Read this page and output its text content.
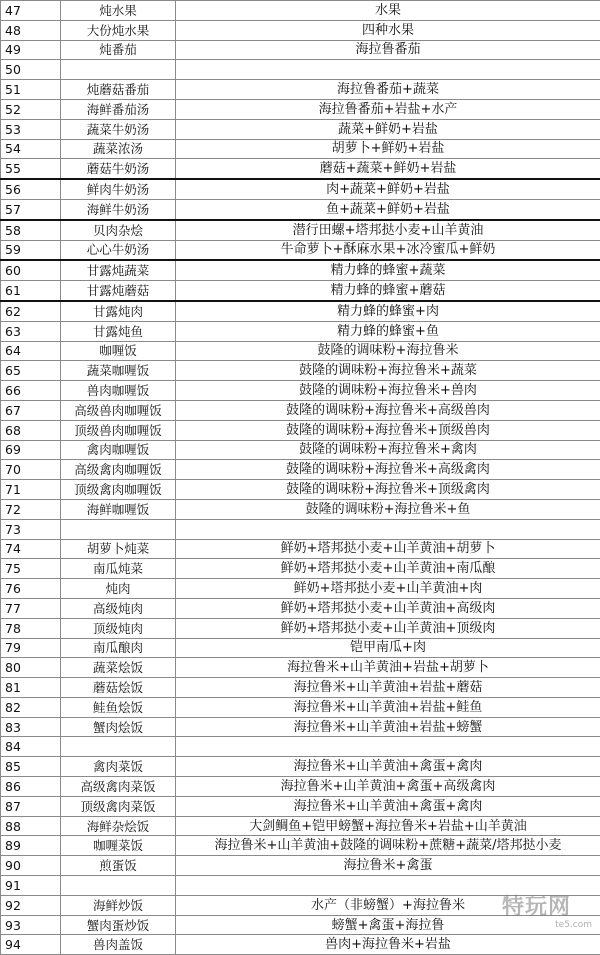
47	炖水果	水果
48	大份炖水果	四种水果
49	炖番茄	海拉鲁番茄
50		
51	炖蘑菇番茄	海拉鲁番茄+蔬菜
52	海鲜番茄汤	海拉鲁番茄+岩盐+水产
53	蔬菜牛奶汤	蔬菜+鲜奶+岩盐
54	蔬菜浓汤	胡萝卜+鲜奶+岩盐
55	蘑菇牛奶汤	蘑菇+蔬菜+鲜奶+岩盐
56	鲜肉牛奶汤	肉+蔬菜+鲜奶+岩盐
57	海鲜牛奶汤	鱼+蔬菜+鲜奶+岩盐
58	贝肉杂烩	潜行田螺+塔邦挞小麦+山羊黄油
59	心心牛奶汤	牛命萝卜+酥麻水果+冰冷蜜瓜+鲜奶
60	甘露炖蔬菜	精力蜂的蜂蜜+蔬菜
61	甘露炖蘑菇	精力蜂的蜂蜜+蘑菇
62	甘露炖肉	精力蜂的蜂蜜+肉
63	甘露炖鱼	精力蜂的蜂蜜+鱼
64	咖喱饭	鼓隆的调味粉+海拉鲁米
65	蔬菜咖喱饭	鼓隆的调味粉+海拉鲁米+蔬菜
66	兽肉咖喱饭	鼓隆的调味粉+海拉鲁米+兽肉
67	高级兽肉咖喱饭	鼓隆的调味粉+海拉鲁米+高级兽肉
68	顶级兽肉咖喱饭	鼓隆的调味粉+海拉鲁米+顶级兽肉
69	禽肉咖喱饭	鼓隆的调味粉+海拉鲁米+禽肉
70	高级禽肉咖喱饭	鼓隆的调味粉+海拉鲁米+高级禽肉
71	顶级禽肉咖喱饭	鼓隆的调味粉+海拉鲁米+顶级禽肉
72	海鲜咖喱饭	鼓隆的调味粉+海拉鲁米+鱼
73		
74	胡萝卜炖菜	鲜奶+塔邦挞小麦+山羊黄油+胡萝卜
75	南瓜炖菜	鲜奶+塔邦挞小麦+山羊黄油+南瓜酿
76	炖肉	鲜奶+塔邦挞小麦+山羊黄油+肉
77	高级炖肉	鲜奶+塔邦挞小麦+山羊黄油+高级肉
78	顶级炖肉	鲜奶+塔邦挞小麦+山羊黄油+顶级肉
79	南瓜酿肉	铠甲南瓜+肉
80	蔬菜烩饭	海拉鲁米+山羊黄油+岩盐+胡萝卜
81	蘑菇烩饭	海拉鲁米+山羊黄油+岩盐+蘑菇
82	鲑鱼烩饭	海拉鲁米+山羊黄油+岩盐+鲑鱼
83	蟹肉烩饭	海拉鲁米+山羊黄油+岩盐+螃蟹
84		
85	禽肉菜饭	海拉鲁米+山羊黄油+禽蛋+禽肉
86	高级禽肉菜饭	海拉鲁米+山羊黄油+禽蛋+高级禽肉
87	顶级禽肉菜饭	海拉鲁米+山羊黄油+禽蛋+禽肉
88	海鲜杂烩饭	大剑鲷鱼+铠甲螃蟹+海拉鲁米+岩盐+山羊黄油
89	咖喱菜饭	海拉鲁米+山羊黄油+鼓隆的调味粉+蔗糖+蔬菜/塔邦挞小麦
90	煎蛋饭	海拉鲁米+禽蛋
91		
92	海鲜炒饭	水产（非螃蟹）+海拉鲁米
93	蟹肉蛋炒饭	螃蟹+禽蛋+海拉鲁
94	兽肉盖饭	兽肉+海拉鲁米+岩盐
特玩网
te5.com
